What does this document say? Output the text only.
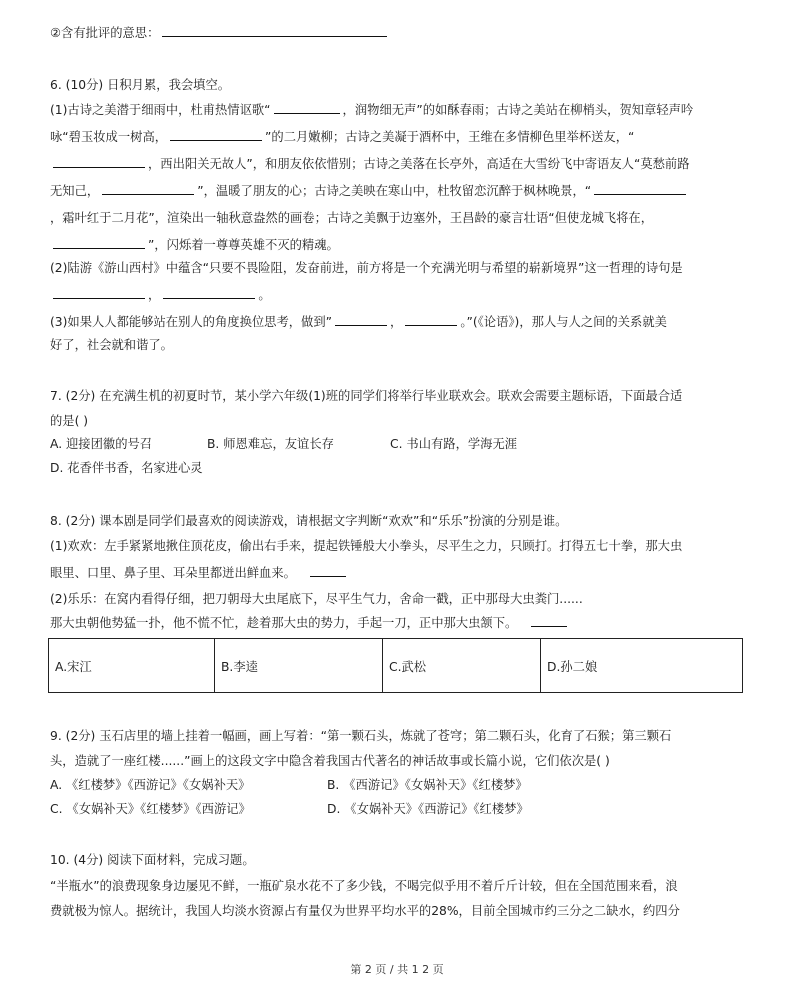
②含有批评的意思：
6. (10分) 日积月累，我会填空。
(1)古诗之美潜于细雨中，杜甫热情讴歌“	，润物细无声”的如酥春雨；古诗之美站在柳梢头，贺知章轻声吟
咏“碧玉妆成一树高，	”的二月嫩柳；古诗之美凝于酒杯中，王维在多情柳色里举杯送友，“
，西出阳关无故人”，和朋友依依惜别；古诗之美落在长亭外，高适在大雪纷飞中寄语友人“莫愁前路
无知己，	”，温暖了朋友的心；古诗之美映在寒山中，杜牧留恋沉醉于枫林晚景，“
，霜叶红于二月花”，渲染出一轴秋意盎然的画卷；古诗之美飘于边塞外，王昌龄的豪言壮语“但使龙城飞将在，
”，闪烁着一尊尊英雄不灭的精魂。
(2)陆游《游山西村》中蕴含“只要不畏险阻，发奋前进，前方将是一个充满光明与希望的崭新境界”这一哲理的诗句是
，	。
(3)如果人人都能够站在别人的角度换位思考，做到”	，	。”(《论语》)，那人与人之间的关系就美
好了，社会就和谐了。
7. (2分) 在充满生机的初夏时节，某小学六年级(1)班的同学们将举行毕业联欢会。联欢会需要主题标语，下面最合适
的是( )
A. 迎接团徽的号召	B. 师恩难忘，友谊长存	C. 书山有路，学海无涯
D. 花香伴书香，名家进心灵
8. (2分) 课本剧是同学们最喜欢的阅读游戏，请根据文字判断“欢欢”和“乐乐”扮演的分别是谁。
(1)欢欢：左手紧紧地揪住顶花皮，偷出右手来，提起铁锤般大小拳头，尽平生之力，只顾打。打得五七十拳，那大虫
眼里、口里、鼻子里、耳朵里都迸出鲜血来。
(2)乐乐：在窝内看得仔细，把刀朝母大虫尾底下，尽平生气力，舍命一戳，正中那母大虫粪门......
那大虫朝他势猛一扑，他不慌不忙，趁着那大虫的势力，手起一刀，正中那大虫颔下。
A.宋江	B.李逵	C.武松	D.孙二娘
9. (2分) 玉石店里的墙上挂着一幅画，画上写着：“第一颗石头，炼就了苍穹；第二颗石头，化育了石猴；第三颗石
头，造就了一座红楼......”画上的这段文字中隐含着我国古代著名的神话故事或长篇小说，它们依次是( )
A. 《红楼梦》《西游记》《女娲补天》	B. 《西游记》《女娲补天》《红楼梦》
C. 《女娲补天》《红楼梦》《西游记》	D. 《女娲补天》《西游记》《红楼梦》
10. (4分) 阅读下面材料，完成习题。
“半瓶水”的浪费现象身边屡见不鲜，一瓶矿泉水花不了多少钱，不喝完似乎用不着斤斤计较，但在全国范围来看，浪
费就极为惊人。据统计，我国人均淡水资源占有量仅为世界平均水平的28%，目前全国城市约三分之二缺水，约四分
第 2 页 / 共 1 2 页
